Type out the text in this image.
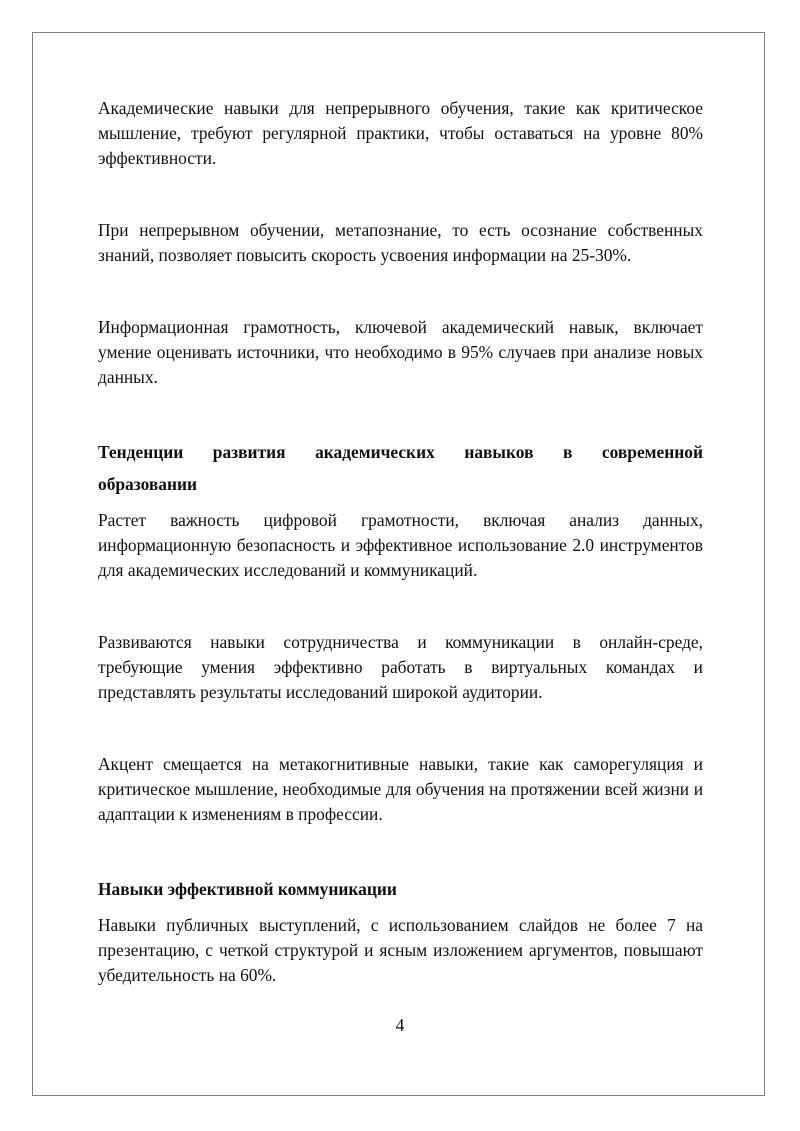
Академические навыки для непрерывного обучения, такие как критическое мышление, требуют регулярной практики, чтобы оставаться на уровне 80% эффективности.

При непрерывном обучении, метапознание, то есть осознание собственных знаний, позволяет повысить скорость усвоения информации на 25-30%.

Информационная грамотность, ключевой академический навык, включает умение оценивать источники, что необходимо в 95% случаев при анализе новых данных.

Тенденции развития академических навыков в современной
образовании

Растет важность цифровой грамотности, включая анализ данных, информационную безопасность и эффективное использование 2.0 инструментов для академических исследований и коммуникаций.

Развиваются навыки сотрудничества и коммуникации в онлайн-среде, требующие умения эффективно работать в виртуальных командах и представлять результаты исследований широкой аудитории.

Акцент смещается на метакогнитивные навыки, такие как саморегуляция и критическое мышление, необходимые для обучения на протяжении всей жизни и адаптации к изменениям в профессии.

Навыки эффективной коммуникации

Навыки публичных выступлений, с использованием слайдов не более 7 на презентацию, с четкой структурой и ясным изложением аргументов, повышают убедительность на 60%.

4
